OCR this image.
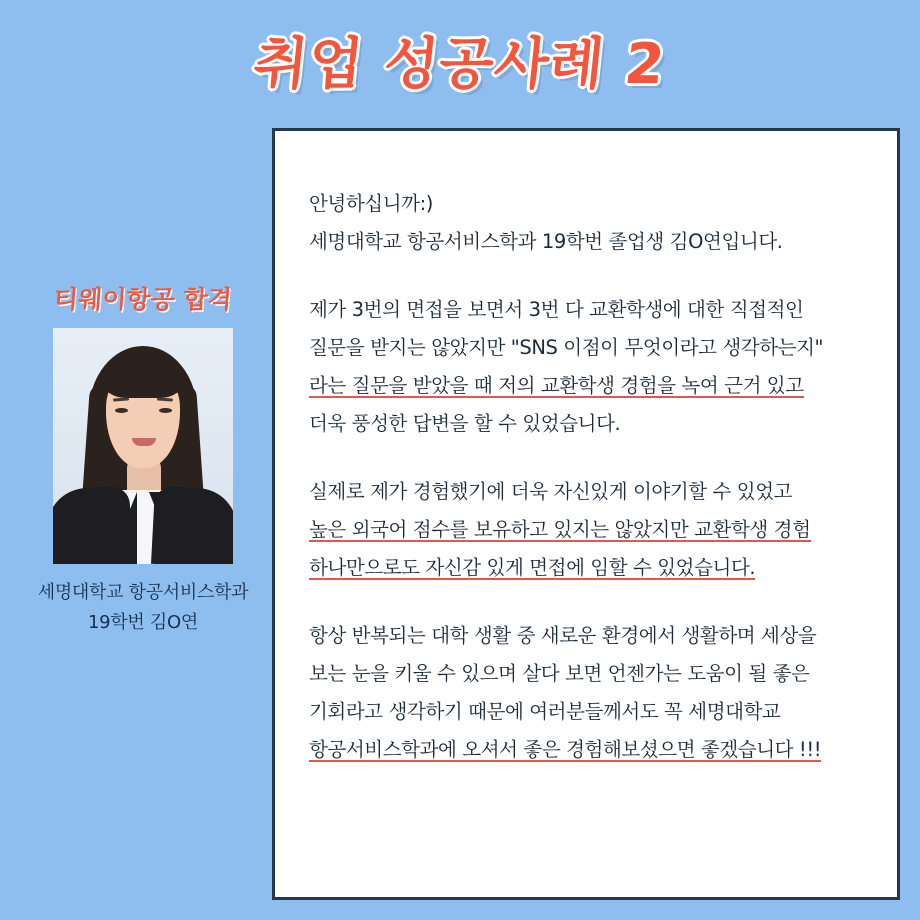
취업 성공사례 2
티웨이항공 합격
세명대학교 항공서비스학과
19학번 김O연

안녕하십니까:)
세명대학교 항공서비스학과 19학번 졸업생 김O연입니다.

제가 3번의 면접을 보면서 3번 다 교환학생에 대한 직접적인
질문을 받지는 않았지만 "SNS 이점이 무엇이라고 생각하는지"
라는 질문을 받았을 때 저의 교환학생 경험을 녹여 근거 있고
더욱 풍성한 답변을 할 수 있었습니다.

실제로 제가 경험했기에 더욱 자신있게 이야기할 수 있었고
높은 외국어 점수를 보유하고 있지는 않았지만 교환학생 경험
하나만으로도 자신감 있게 면접에 임할 수 있었습니다.

항상 반복되는 대학 생활 중 새로운 환경에서 생활하며 세상을
보는 눈을 키울 수 있으며 살다 보면 언젠가는 도움이 될 좋은
기회라고 생각하기 때문에 여러분들께서도 꼭 세명대학교
항공서비스학과에 오셔서 좋은 경험해보셨으면 좋겠습니다 !!!
